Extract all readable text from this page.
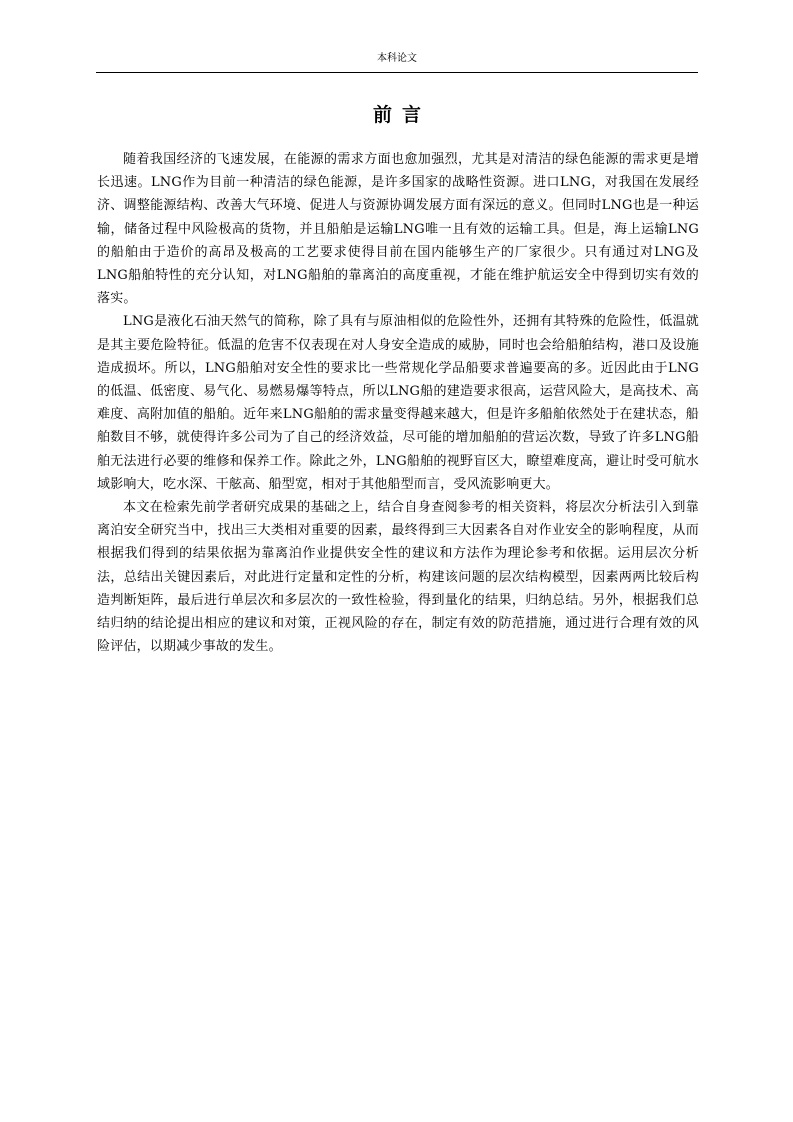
本科论文
前言

随着我国经济的飞速发展，在能源的需求方面也愈加强烈，尤其是对清洁的绿色能源的需求更是增长迅速。LNG作为目前一种清洁的绿色能源，是许多国家的战略性资源。进口LNG，对我国在发展经济、调整能源结构、改善大气环境、促进人与资源协调发展方面有深远的意义。但同时LNG也是一种运输，储备过程中风险极高的货物，并且船舶是运输LNG唯一且有效的运输工具。但是，海上运输LNG的船舶由于造价的高昂及极高的工艺要求使得目前在国内能够生产的厂家很少。只有通过对LNG及LNG船舶特性的充分认知，对LNG船舶的靠离泊的高度重视，才能在维护航运安全中得到切实有效的落实。

LNG是液化石油天然气的简称，除了具有与原油相似的危险性外，还拥有其特殊的危险性，低温就是其主要危险特征。低温的危害不仅表现在对人身安全造成的威胁，同时也会给船舶结构，港口及设施造成损坏。所以，LNG船舶对安全性的要求比一些常规化学品船要求普遍要高的多。近因此由于LNG的低温、低密度、易气化、易燃易爆等特点，所以LNG船的建造要求很高，运营风险大，是高技术、高难度、高附加值的船舶。近年来LNG船舶的需求量变得越来越大，但是许多船舶依然处于在建状态，船舶数目不够，就使得许多公司为了自己的经济效益，尽可能的增加船舶的营运次数，导致了许多LNG船舶无法进行必要的维修和保养工作。除此之外，LNG船舶的视野盲区大，瞭望难度高，避让时受可航水域影响大，吃水深、干舷高、船型宽，相对于其他船型而言，受风流影响更大。

本文在检索先前学者研究成果的基础之上，结合自身查阅参考的相关资料，将层次分析法引入到靠离泊安全研究当中，找出三大类相对重要的因素，最终得到三大因素各自对作业安全的影响程度，从而根据我们得到的结果依据为靠离泊作业提供安全性的建议和方法作为理论参考和依据。运用层次分析法，总结出关键因素后，对此进行定量和定性的分析，构建该问题的层次结构模型，因素两两比较后构造判断矩阵，最后进行单层次和多层次的一致性检验，得到量化的结果，归纳总结。另外，根据我们总结归纳的结论提出相应的建议和对策，正视风险的存在，制定有效的防范措施，通过进行合理有效的风险评估，以期减少事故的发生。
